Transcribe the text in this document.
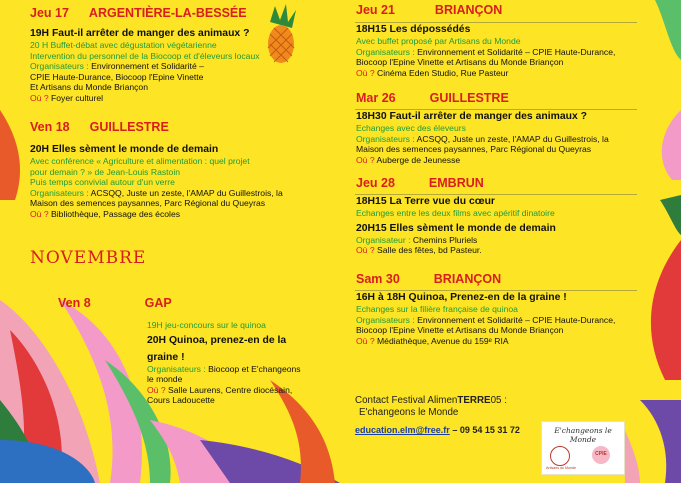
Jeu 17 ARGENTIÈRE-LA-BESSÉE
19H Faut-il arrêter de manger des animaux ?
20 H Buffet-débat avec dégustation végétarienne
Intervention du personnel de la Biocoop et d'éleveurs locaux
Organisateurs : Environnement et Solidarité –
CPIE Haute-Durance, Biocoop l'Epine Vinette
Et Artisans du Monde Briançon
Où ? Foyer culturel
Ven 18 GUILLESTRE
20H Elles sèment le monde de demain
Avec conférence « Agriculture et alimentation : quel projet
pour demain ? » de Jean-Louis Rastoin
Puis temps convivial autour d'un verre
Organisateurs : ACSQQ, Juste un zeste, l'AMAP du Guillestrois, la
Maison des semences paysannes, Parc Régional du Queyras
Où ? Bibliothèque, Passage des écoles
NOVEMBRE
Ven 8	GAP
19H jeu-concours sur le quinoa
20H Quinoa, prenez-en de la
graine !
Organisateurs : Biocoop et E'changeons
le monde
Où ? Salle Laurens, Centre diocésain,
Cours Ladoucette
Jeu 21	BRIANÇON
18H15 Les dépossédés
Avec buffet proposé par Artisans du Monde
Organisateurs : Environnement et Solidarité – CPIE Haute-Durance,
Biocoop l'Epine Vinette et Artisans du Monde Briançon
Où ? Cinéma Eden Studio, Rue Pasteur
Mar 26	GUILLESTRE
18H30 Faut-il arrêter de manger des animaux ?
Echanges avec des éleveurs
Organisateurs : ACSQQ, Juste un zeste, l'AMAP du Guillestrois, la
Maison des semences paysannes, Parc Régional du Queyras
Où ? Auberge de Jeunesse
Jeu 28	EMBRUN
18H15 La Terre vue du cœur
Echanges entre les deux films avec apéritif dinatoire
20H15 Elles sèment le monde de demain
Organisateur : Chemins Pluriels
Où ? Salle des fêtes, bd Pasteur.
Sam 30	BRIANÇON
16H à 18H Quinoa, Prenez-en de la graine !
Echanges sur la filière française de quinoa
Organisateurs : Environnement et Solidarité – CPIE Haute-Durance,
Biocoop l'Epine Vinette et Artisans du Monde Briançon
Où ? Médiathèque, Avenue du 159ᵉ RIA
Contact Festival AlimenTERRE05 :
E'changeons le Monde
education.elm@free.fr – 09 54 15 31 72	E'changeons le Monde
Artisans du Monde
CPIE
